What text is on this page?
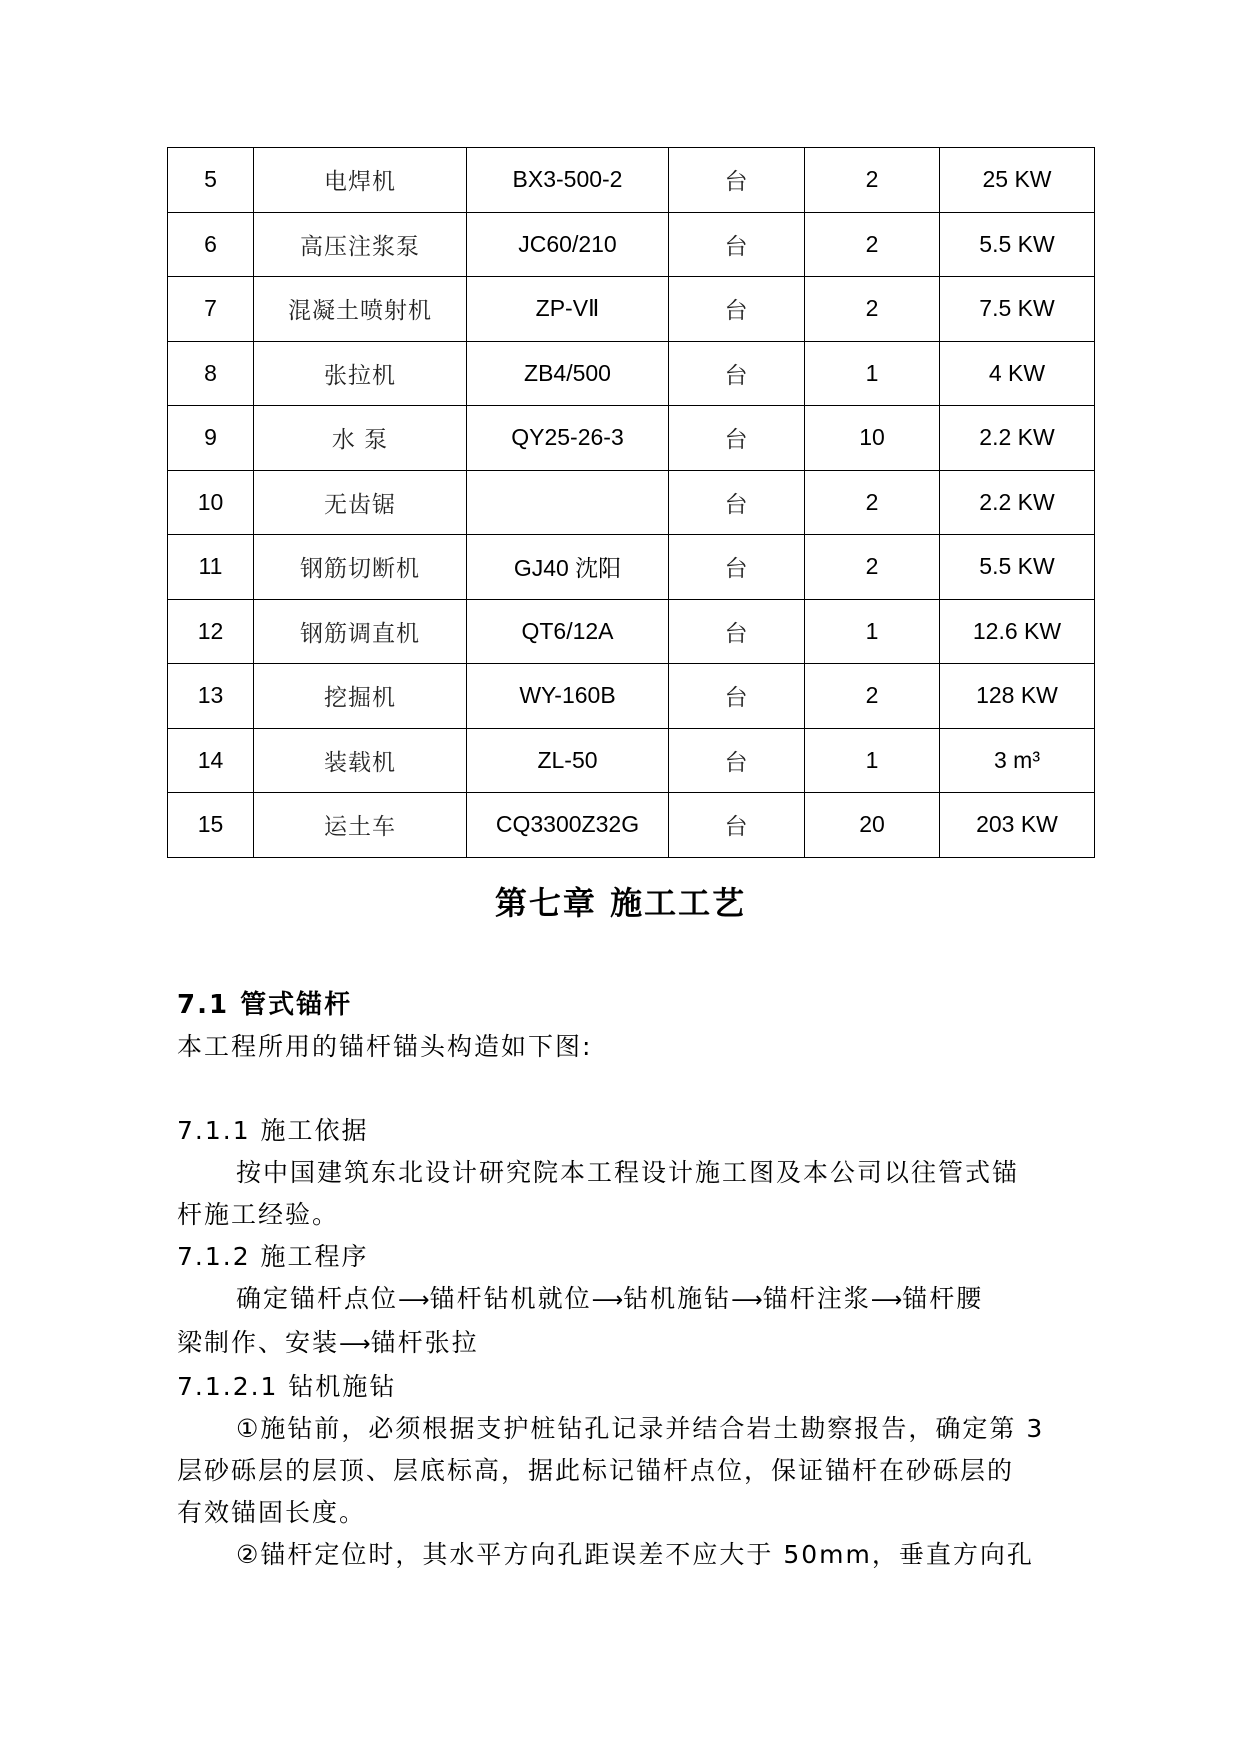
5	电焊机	BX3-500-2	台	2	25 KW
6	高压注浆泵	JC60/210	台	2	5.5 KW
7	混凝土喷射机	ZP-VⅡ	台	2	7.5 KW
8	张拉机	ZB4/500	台	1	4 KW
9	水 泵	QY25-26-3	台	10	2.2 KW
10	无齿锯		台	2	2.2 KW
11	钢筋切断机	GJ40 沈阳	台	2	5.5 KW
12	钢筋调直机	QT6/12A	台	1	12.6 KW
13	挖掘机	WY-160B	台	2	128 KW
14	装载机	ZL-50	台	1	3 m³
15	运土车	CQ3300Z32G	台	20	203 KW
第七章 施工工艺
7.1 管式锚杆
本工程所用的锚杆锚头构造如下图:
7.1.1 施工依据
按中国建筑东北设计研究院本工程设计施工图及本公司以往管式锚
杆施工经验。
7.1.2 施工程序
确定锚杆点位⟶锚杆钻机就位⟶钻机施钻⟶锚杆注浆⟶锚杆腰
梁制作、安装⟶锚杆张拉
7.1.2.1 钻机施钻
①施钻前，必须根据支护桩钻孔记录并结合岩土勘察报告，确定第 3
层砂砾层的层顶、层底标高，据此标记锚杆点位，保证锚杆在砂砾层的
有效锚固长度。
②锚杆定位时，其水平方向孔距误差不应大于 50mm，垂直方向孔
